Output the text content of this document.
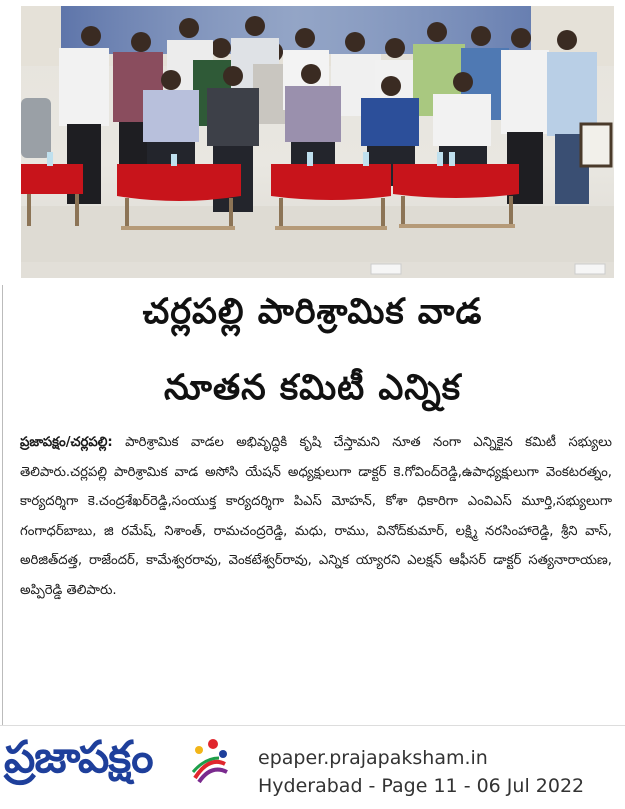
చర్లపల్లి పారిశ్రామిక వాడ
నూతన కమిటీ ఎన్నిక
ప్రజాపక్షం/చర్లపల్లి: పారిశ్రామిక వాడల అభివృద్ధికి కృషి చేస్తామని నూత నంగా ఎన్నికైన కమిటీ సభ్యులు తెలిపారు.చర్లపల్లి పారిశ్రామిక వాడ అసోసి యేషన్ అధ్యక్షులుగా డాక్టర్ కె.గోవింద్‌రెడ్డి,ఉపాధ్యక్షులుగా వెంకటరత్నం, కార్యదర్శిగా కె.చంద్రశేఖర్‌రెడ్డి,సంయుక్త కార్యదర్శిగా పిఎస్ మోహన్, కోశా ధికారిగా ఎంవిఎస్ మూర్తి,సభ్యులుగా గంగాధర్‌బాబు, జి రమేష్, నిశాంత్, రామచంద్రరెడ్డి, మధు, రాము, వినోద్‌కుమార్, లక్ష్మి నరసింహారెడ్డి, శ్రీని వాస్, అరిజిత్‌దత్త, రాజేందర్, కామేశ్వరరావు, వెంకటేశ్వర్‌రావు, ఎన్నిక య్యారని ఎలక్షన్ ఆఫీసర్ డాక్టర్ సత్యనారాయణ, అప్పిరెడ్డి తెలిపారు.
ప్రజాపక్షం	epaper.prajapaksham.in
Hyderabad - Page 11 - 06 Jul 2022
